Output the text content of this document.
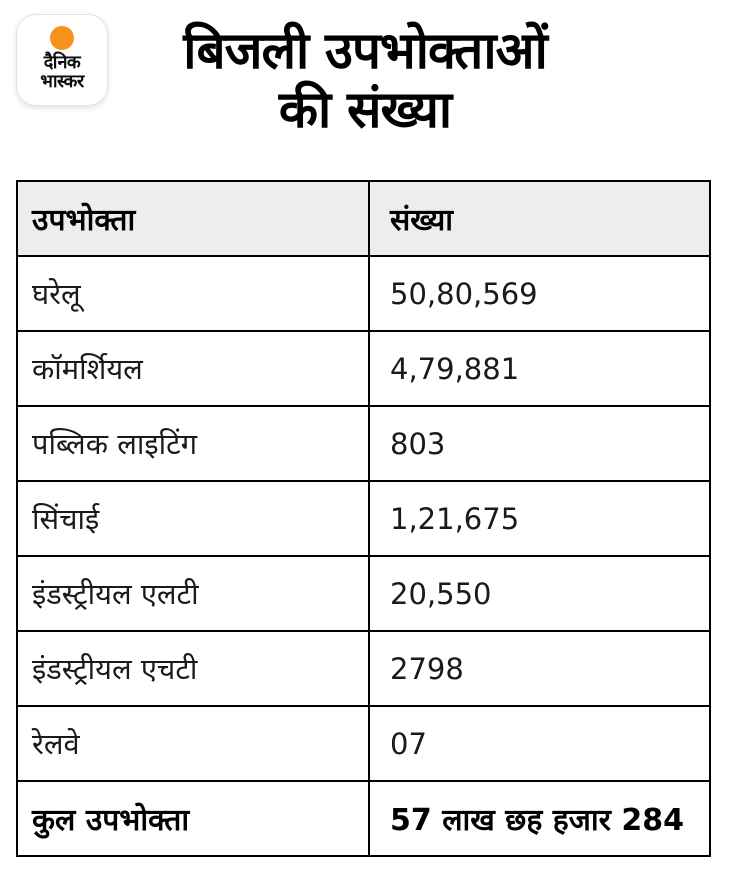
दैनिक
भास्कर
बिजली उपभोक्ताओं
की संख्या
उपभोक्ता	संख्या
घरेलू	50,80,569
कॉमर्शियल	4,79,881
पब्लिक लाइटिंग	803
सिंचाई	1,21,675
इंडस्ट्रीयल एलटी	20,550
इंडस्ट्रीयल एचटी	2798
रेलवे	07
कुल उपभोक्ता	57 लाख छह हजार 284
